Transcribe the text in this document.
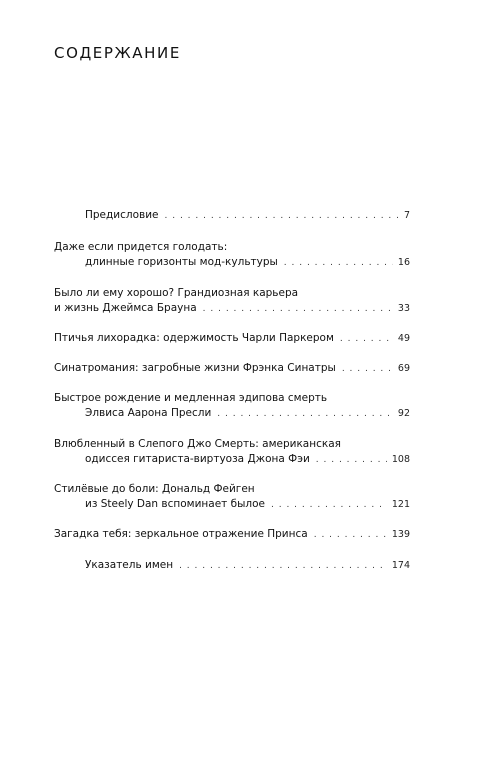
СОДЕРЖАНИЕ
Предисловие . . .	7
Даже если придется голодать:
длинные горизонты мод-культуры . . .	16
Было ли ему хорошо? Грандиозная карьера
и жизнь Джеймса Брауна . . .	33
Птичья лихорадка: одержимость Чарли Паркером . . .	49
Синатромания: загробные жизни Фрэнка Синатры . . .	69
Быстрое рождение и медленная эдипова смерть
Элвиса Аарона Пресли . . .	92
Влюбленный в Слепого Джо Смерть: американская
одиссея гитариста-виртуоза Джона Фэи . . .	108
Стилёвые до боли: Дональд Фейген
из Steely Dan вспоминает былое . . .	121
Загадка тебя: зеркальное отражение Принса . . .	139
Указатель имен . . .	174
